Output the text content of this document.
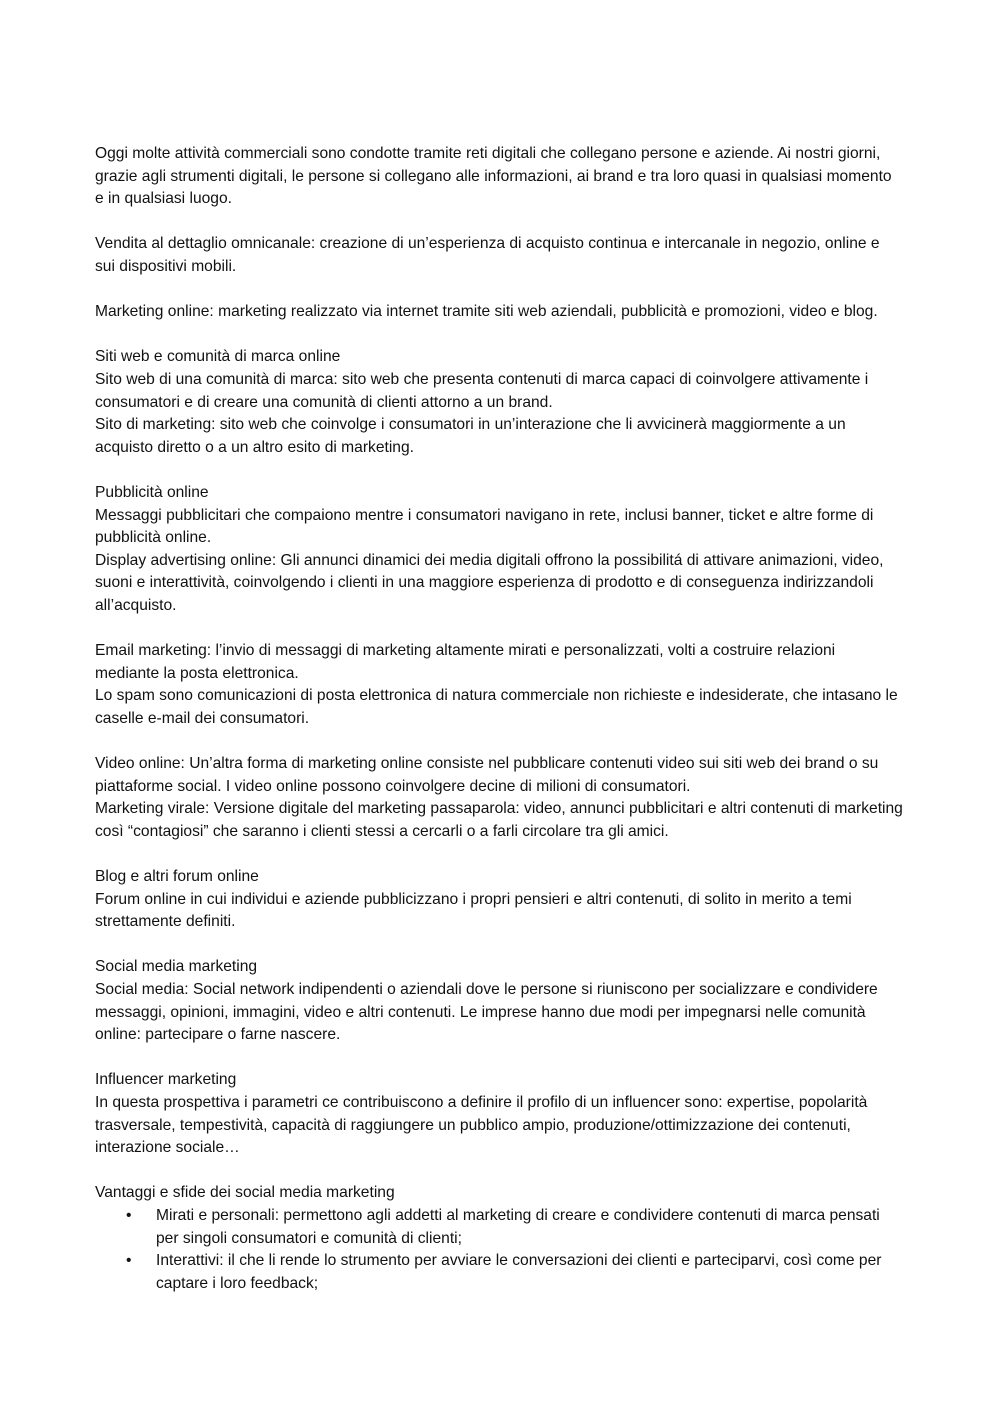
Oggi molte attività commerciali sono condotte tramite reti digitali che collegano persone e aziende. Ai nostri giorni, grazie agli strumenti digitali, le persone si collegano alle informazioni, ai brand e tra loro quasi in qualsiasi momento e in qualsiasi luogo.
Vendita al dettaglio omnicanale: creazione di un’esperienza di acquisto continua e intercanale in negozio, online e sui dispositivi mobili.
Marketing online: marketing realizzato via internet tramite siti web aziendali, pubblicità e promozioni, video e blog.
Siti web e comunità di marca online
Sito web di una comunità di marca: sito web che presenta contenuti di marca capaci di coinvolgere attivamente i consumatori e di creare una comunità di clienti attorno a un brand.
Sito di marketing: sito web che coinvolge i consumatori in un’interazione che li avvicinerà maggiormente a un acquisto diretto o a un altro esito di marketing.
Pubblicità online
Messaggi pubblicitari che compaiono mentre i consumatori navigano in rete, inclusi banner, ticket e altre forme di pubblicità online.
Display advertising online: Gli annunci dinamici dei media digitali offrono la possibilitá di attivare animazioni, video, suoni e interattività, coinvolgendo i clienti in una maggiore esperienza di prodotto e di conseguenza indirizzandoli all’acquisto.
Email marketing: l’invio di messaggi di marketing altamente mirati e personalizzati, volti a costruire relazioni mediante la posta elettronica.
Lo spam sono comunicazioni di posta elettronica di natura commerciale non richieste e indesiderate, che intasano le caselle e-mail dei consumatori.
Video online: Un’altra forma di marketing online consiste nel pubblicare contenuti video sui siti web dei brand o su piattaforme social. I video online possono coinvolgere decine di milioni di consumatori.
Marketing virale: Versione digitale del marketing passaparola: video, annunci pubblicitari e altri contenuti di marketing così “contagiosi” che saranno i clienti stessi a cercarli o a farli circolare tra gli amici.
Blog e altri forum online
Forum online in cui individui e aziende pubblicizzano i propri pensieri e altri contenuti, di solito in merito a temi strettamente definiti.
Social media marketing
Social media: Social network indipendenti o aziendali dove le persone si riuniscono per socializzare e condividere messaggi, opinioni, immagini, video e altri contenuti. Le imprese hanno due modi per impegnarsi nelle comunità online: partecipare o farne nascere.
Influencer marketing
In questa prospettiva i parametri ce contribuiscono a definire il profilo di un influencer sono: expertise, popolarità trasversale, tempestività, capacità di raggiungere un pubblico ampio, produzione/ottimizzazione dei contenuti, interazione sociale…
Vantaggi e sfide dei social media marketing
• Mirati e personali: permettono agli addetti al marketing di creare e condividere contenuti di marca pensati per singoli consumatori e comunità di clienti;
• Interattivi: il che li rende lo strumento per avviare le conversazioni dei clienti e parteciparvi, così come per captare i loro feedback;
